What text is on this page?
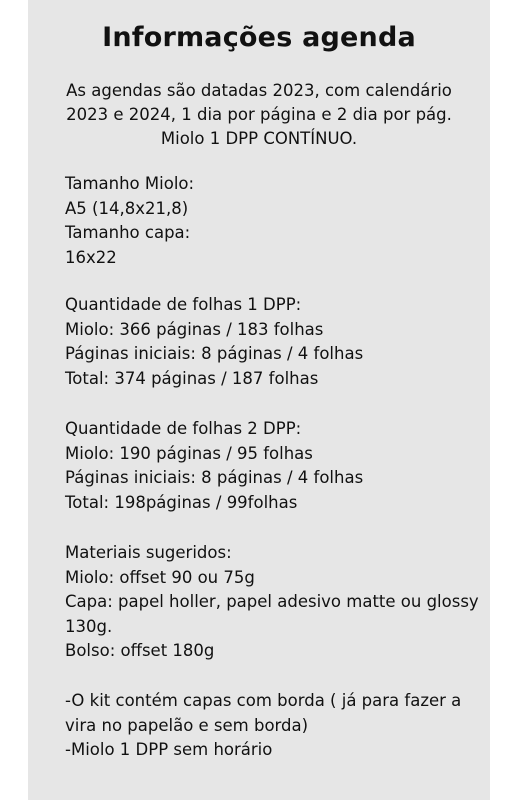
Informações agenda
As agendas são datadas 2023, com calendário
2023 e 2024, 1 dia por página e 2 dia por pág.
Miolo 1 DPP CONTÍNUO.
Tamanho Miolo:
A5 (14,8x21,8)
Tamanho capa:
16x22
Quantidade de folhas 1 DPP:
Miolo: 366 páginas / 183 folhas
Páginas iniciais: 8 páginas / 4 folhas
Total: 374 páginas / 187 folhas
Quantidade de folhas 2 DPP:
Miolo: 190 páginas / 95 folhas
Páginas iniciais: 8 páginas / 4 folhas
Total: 198páginas / 99folhas
Materiais sugeridos:
Miolo: offset 90 ou 75g
Capa: papel holler, papel adesivo matte ou glossy 130g.
Bolso: offset 180g
-O kit contém capas com borda ( já para fazer a vira no papelão e sem borda)
-Miolo 1 DPP sem horário
